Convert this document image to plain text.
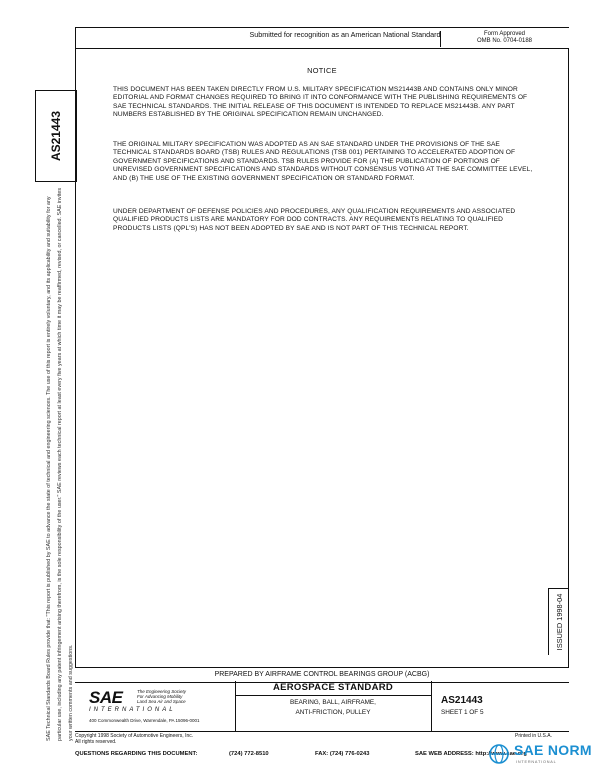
Submitted for recognition as an American National Standard	Form Approved
OMB No. 0704-0188
NOTICE
THIS DOCUMENT HAS BEEN TAKEN DIRECTLY FROM U.S. MILITARY SPECIFICATION MS21443B AND CONTAINS ONLY MINOR EDITORIAL AND FORMAT CHANGES REQUIRED TO BRING IT INTO CONFORMANCE WITH THE PUBLISHING REQUIREMENTS OF SAE TECHNICAL STANDARDS. THE INITIAL RELEASE OF THIS DOCUMENT IS INTENDED TO REPLACE MS21443B. ANY PART NUMBERS ESTABLISHED BY THE ORIGINAL SPECIFICATION REMAIN UNCHANGED.
THE ORIGINAL MILITARY SPECIFICATION WAS ADOPTED AS AN SAE STANDARD UNDER THE PROVISIONS OF THE SAE TECHNICAL STANDARDS BOARD (TSB) RULES AND REGULATIONS (TSB 001) PERTAINING TO ACCELERATED ADOPTION OF GOVERNMENT SPECIFICATIONS AND STANDARDS. TSB RULES PROVIDE FOR (A) THE PUBLICATION OF PORTIONS OF UNREVISED GOVERNMENT SPECIFICATIONS AND STANDARDS WITHOUT CONSENSUS VOTING AT THE SAE COMMITTEE LEVEL, AND (B) THE USE OF THE EXISTING GOVERNMENT SPECIFICATION OR STANDARD FORMAT.
UNDER DEPARTMENT OF DEFENSE POLICIES AND PROCEDURES, ANY QUALIFICATION REQUIREMENTS AND ASSOCIATED QUALIFIED PRODUCTS LISTS ARE MANDATORY FOR DOD CONTRACTS. ANY REQUIREMENTS RELATING TO QUALIFIED PRODUCTS LISTS (QPL'S) HAS NOT BEEN ADOPTED BY SAE AND IS NOT PART OF THIS TECHNICAL REPORT.
AS21443
SAE Technical Standards Board Rules provide that: "This report is published by SAE to advance the state of technical and engineering sciences. The use of this report is entirely voluntary, and its applicability and suitability for any particular use, including any patent infringement arising therefrom, is the sole responsibility of the user." SAE reviews each technical report at least every five years at which time it may be reaffirmed, revised, or cancelled. SAE invites your written comments and suggestions.
ISSUED 1998-04
PREPARED BY AIRFRAME CONTROL BEARINGS GROUP (ACBG)
SAE	The Engineering Society
For Advancing Mobility
Land Sea Air and Space
INTERNATIONAL
400 Commonwealth Drive, Warrendale, PA 15096-0001
AEROSPACE STANDARD
BEARING, BALL, AIRFRAME,
ANTI-FRICTION, PULLEY
AS21443
SHEET 1 OF 5
Copyright 1998 Society of Automotive Engineers, Inc.
All rights reserved.
Printed in U.S.A.
QUESTIONS REGARDING THIS DOCUMENT:	(724) 772-8510	FAX: (724) 776-0243	SAE WEB ADDRESS: http://www.sae.org
SAE NORM
INTERNATIONAL
